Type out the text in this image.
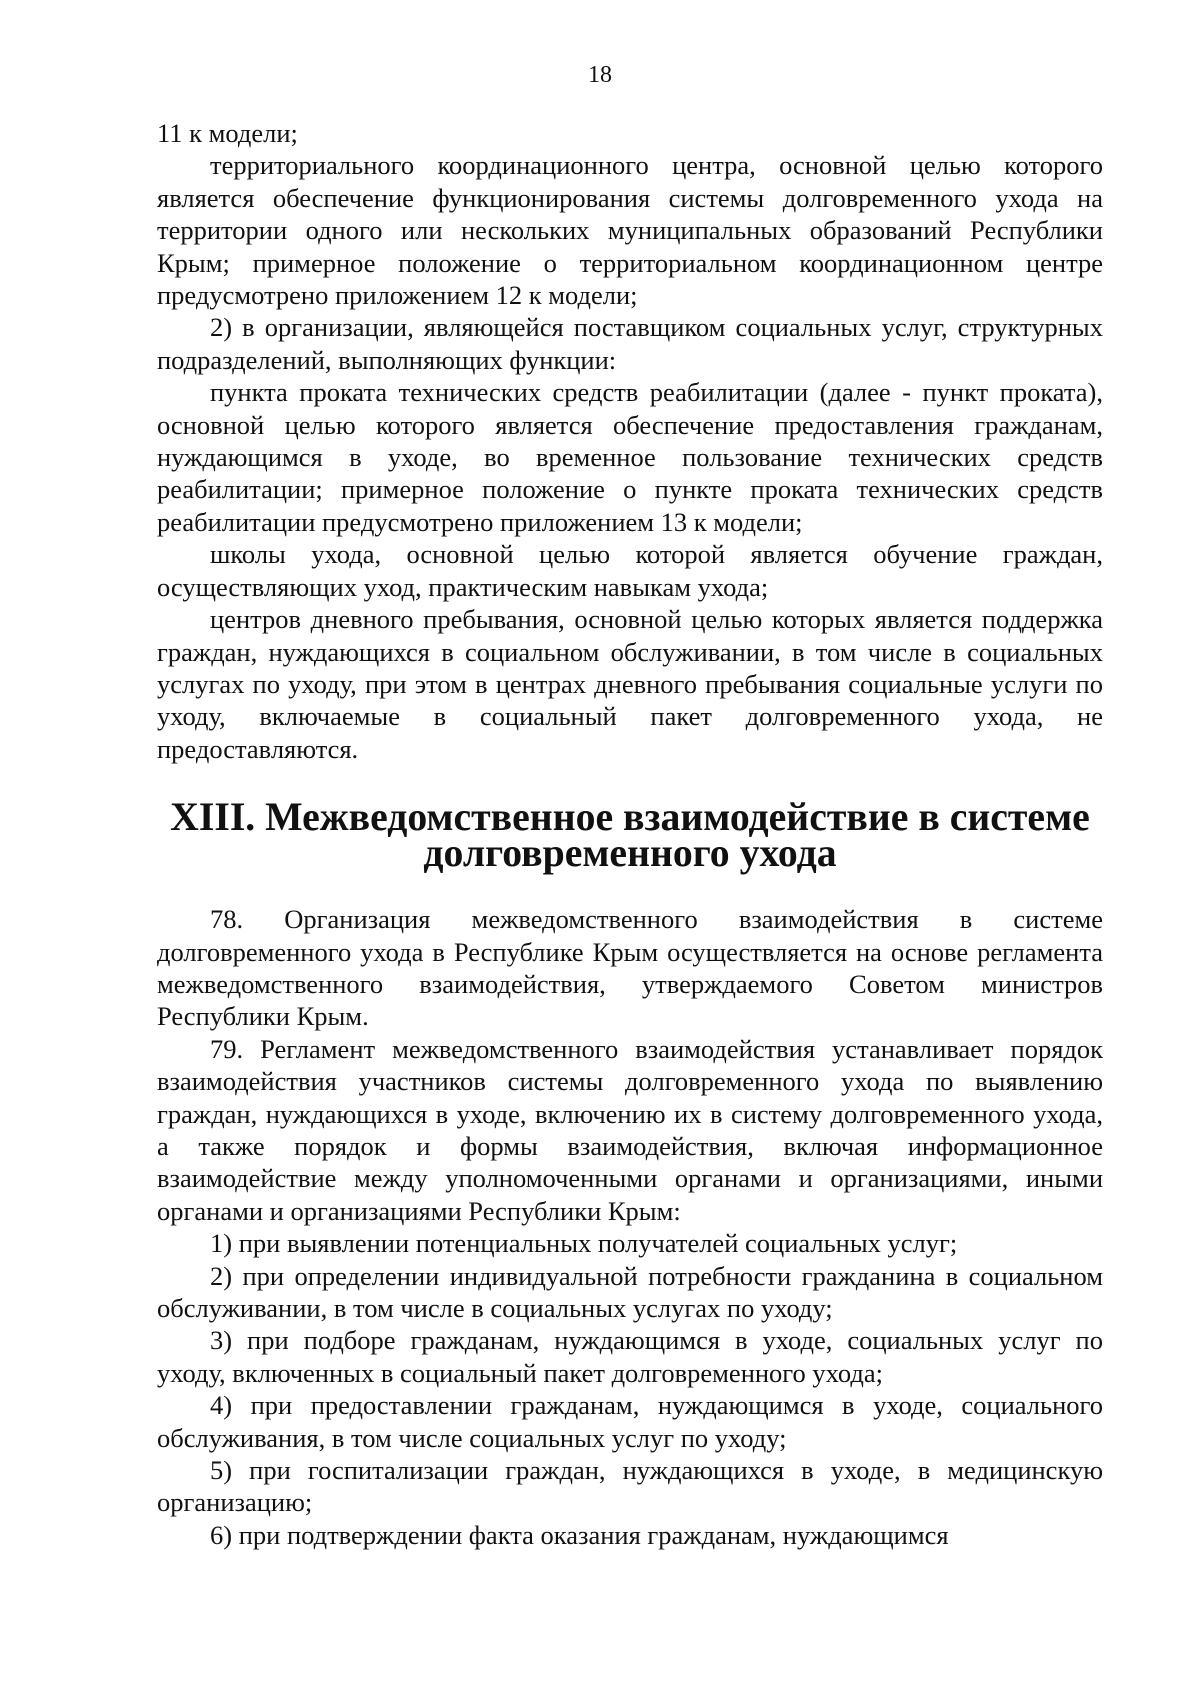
18

11 к модели;

территориального координационного центра, основной целью которого является обеспечение функционирования системы долговременного ухода на территории одного или нескольких муниципальных образований Республики Крым; примерное положение о территориальном координационном центре предусмотрено приложением 12 к модели;

2) в организации, являющейся поставщиком социальных услуг, структурных подразделений, выполняющих функции:

пункта проката технических средств реабилитации (далее - пункт проката), основной целью которого является обеспечение предоставления гражданам, нуждающимся в уходе, во временное пользование технических средств реабилитации; примерное положение о пункте проката технических средств реабилитации предусмотрено приложением 13 к модели;

школы ухода, основной целью которой является обучение граждан, осуществляющих уход, практическим навыкам ухода;

центров дневного пребывания, основной целью которых является поддержка граждан, нуждающихся в социальном обслуживании, в том числе в социальных услугах по уходу, при этом в центрах дневного пребывания социальные услуги по уходу, включаемые в социальный пакет долговременного ухода, не предоставляются.

XIII. Межведомственное взаимодействие в системе
долговременного ухода

78. Организация межведомственного взаимодействия в системе долговременного ухода в Республике Крым осуществляется на основе регламента межведомственного взаимодействия, утверждаемого Советом министров Республики Крым.

79. Регламент межведомственного взаимодействия устанавливает порядок взаимодействия участников системы долговременного ухода по выявлению граждан, нуждающихся в уходе, включению их в систему долговременного ухода, а также порядок и формы взаимодействия, включая информационное взаимодействие между уполномоченными органами и организациями, иными органами и организациями Республики Крым:

1) при выявлении потенциальных получателей социальных услуг;

2) при определении индивидуальной потребности гражданина в социальном обслуживании, в том числе в социальных услугах по уходу;

3) при подборе гражданам, нуждающимся в уходе, социальных услуг по уходу, включенных в социальный пакет долговременного ухода;

4) при предоставлении гражданам, нуждающимся в уходе, социального обслуживания, в том числе социальных услуг по уходу;

5) при госпитализации граждан, нуждающихся в уходе, в медицинскую организацию;

6) при подтверждении факта оказания гражданам, нуждающимся
